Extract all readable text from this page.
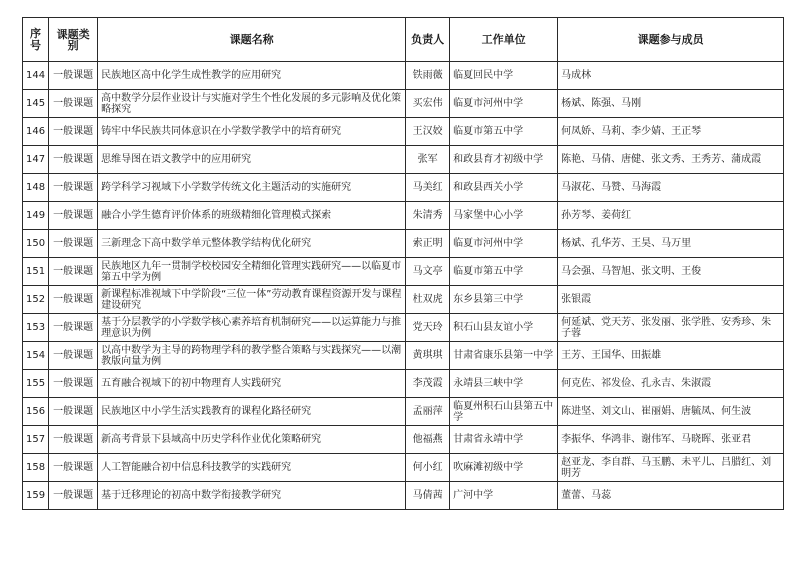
序号	课题类别	课题名称	负责人	工作单位	课题参与成员
144	一般课题	民族地区高中化学生成性教学的应用研究	铁雨薇	临夏回民中学	马成林
145	一般课题	高中数学分层作业设计与实施对学生个性化发展的多元影响及优化策略探究	买宏伟	临夏市河州中学	杨斌、陈强、马刚
146	一般课题	铸牢中华民族共同体意识在小学数学教学中的培育研究	王汉姣	临夏市第五中学	何凤娇、马莉、李少婧、王正琴
147	一般课题	思维导图在语文教学中的应用研究	张军	和政县育才初级中学	陈艳、马倩、唐健、张文秀、王秀芳、蒲成霞
148	一般课题	跨学科学习视域下小学数学传统文化主题活动的实施研究	马美红	和政县西关小学	马淑花、马赞、马海霞
149	一般课题	融合小学生德育评价体系的班级精细化管理模式探索	朱清秀	马家堡中心小学	孙芳琴、姜荷红
150	一般课题	三新理念下高中数学单元整体教学结构优化研究	索正明	临夏市河州中学	杨斌、孔华芳、王昊、马万里
151	一般课题	民族地区九年一贯制学校校园安全精细化管理实践研究——以临夏市第五中学为例	马文亭	临夏市第五中学	马会强、马智旭、张文明、王俊
152	一般课题	新课程标准视域下中学阶段“三位一体”劳动教育课程资源开发与课程建设研究	杜双虎	东乡县第三中学	张银霞
153	一般课题	基于分层教学的小学数学核心素养培育机制研究——以运算能力与推理意识为例	党天玲	积石山县友谊小学	何延斌、党天芳、张发丽、张学胜、安秀珍、朱子蓉
154	一般课题	以高中数学为主导的跨物理学科的教学整合策略与实践探究——以潮教版向量为例	黄琪琪	甘肃省康乐县第一中学	王芳、王国华、田振雄
155	一般课题	五育融合视域下的初中物理育人实践研究	李茂霞	永靖县三峡中学	何克佐、祁发俭、孔永吉、朱淑霞
156	一般课题	民族地区中小学生活实践教育的课程化路径研究	孟丽萍	临夏州积石山县第五中学	陈进坚、刘文山、崔丽娟、唐毓凤、何生波
157	一般课题	新高考背景下县域高中历史学科作业优化策略研究	他福燕	甘肃省永靖中学	李振华、华鸿非、谢伟军、马晓晖、张亚君
158	一般课题	人工智能融合初中信息科技教学的实践研究	何小红	吹麻滩初级中学	赵亚龙、李自群、马玉鹏、未平儿、吕腊红、刘明芳
159	一般课题	基于迁移理论的初高中数学衔接教学研究	马倩茜	广河中学	董蕾、马蕊
